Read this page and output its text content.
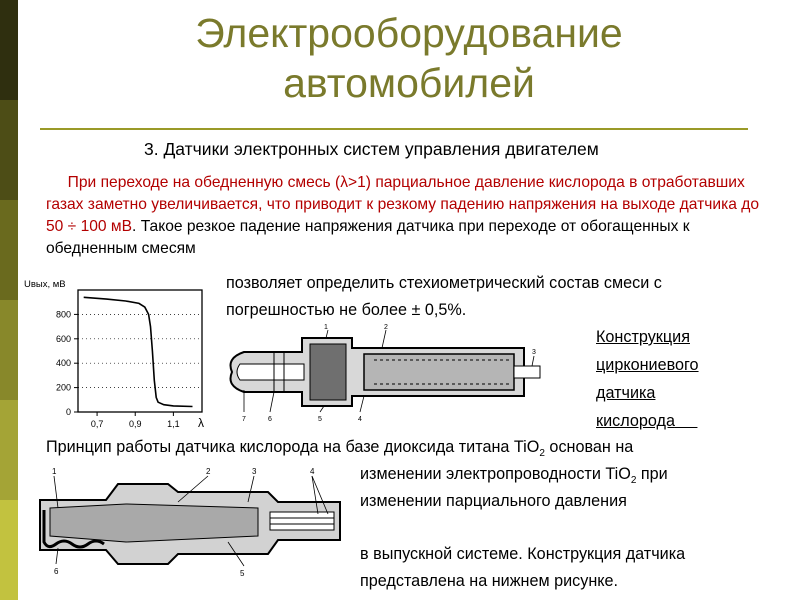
Электрооборудование
автомобилей
3. Датчики электронных систем управления двигателем
При переходе на обедненную смесь (λ>1) парциальное давление кислорода в отработавших газах заметно увеличивается, что приводит к резкому падению напряжения на выходе датчика до 50 ÷ 100 мВ. Такое резкое падение напряжения датчика при переходе от обогащенных к обедненным смесям
позволяет определить стехиометрический состав смеси с
погрешностью не более ± 0,5%.
Конструкция
циркониевого
датчика
кислорода
Принцип работы датчика кислорода на базе диоксида титана TiO$_2$ основан на
изменении электропроводности TiO$_2$ при
изменении парциального давления
в выпускной системе. Конструкция датчика
представлена на нижнем рисунке.
Uвых, мВ
800
600
400
200
0
0,7	0,9	1,1 λ
1	2
3
4
5
6
7
1	2	3	4
5
6
